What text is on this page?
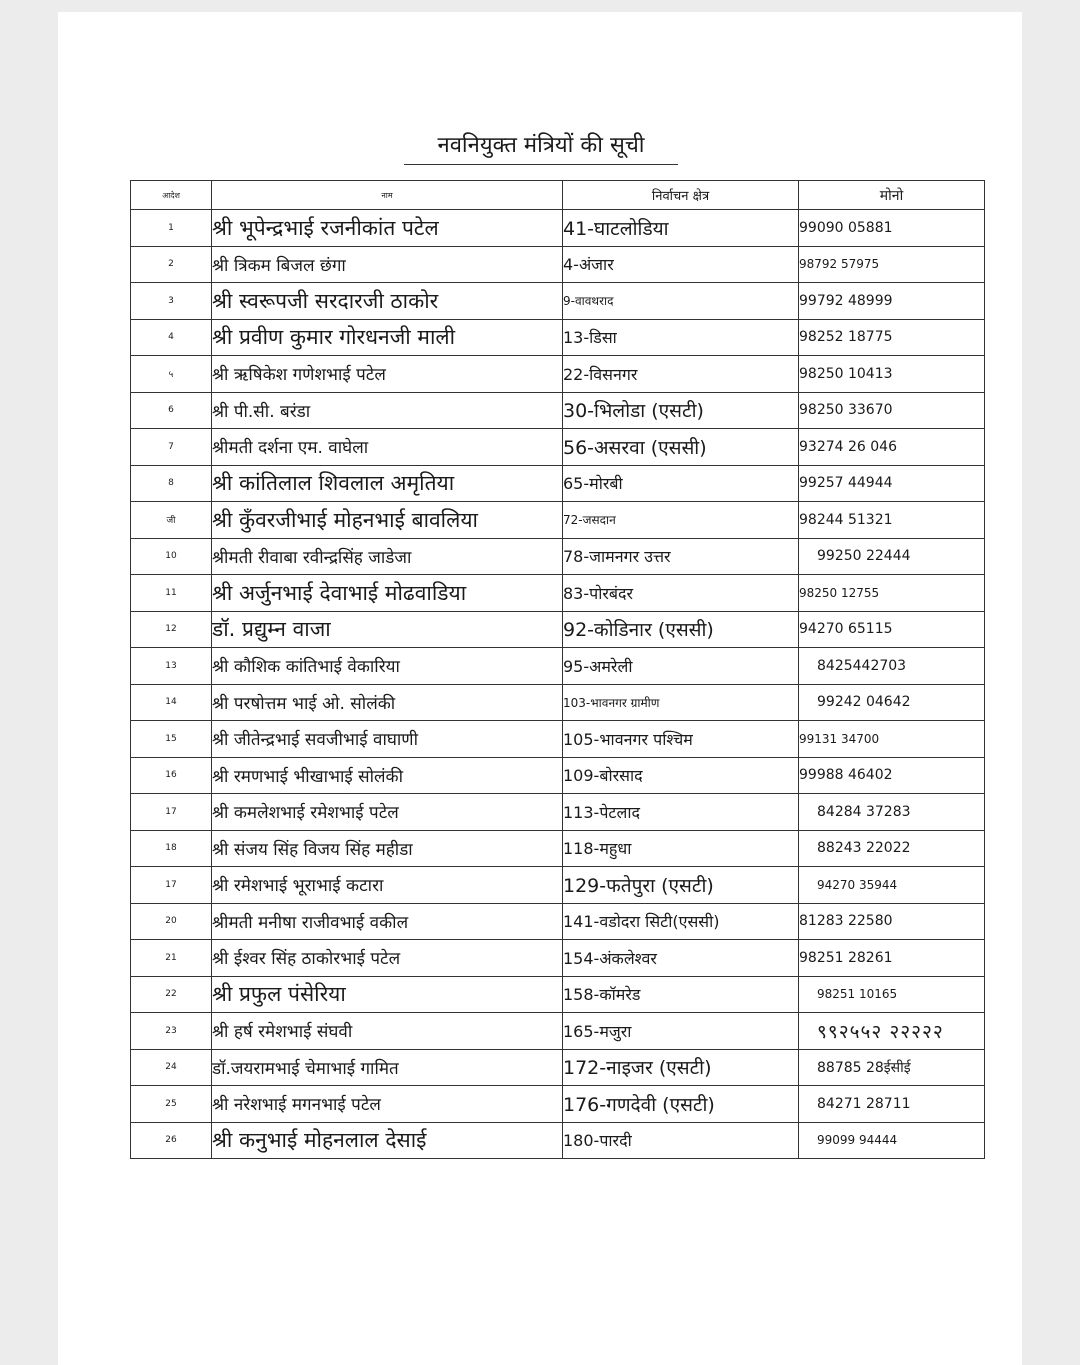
नवनियुक्त मंत्रियों की सूची
आदेश	नाम	निर्वाचन क्षेत्र	मोनो
1	श्री भूपेन्द्रभाई रजनीकांत पटेल	41-घाटलोडिया	99090 05881
2	श्री त्रिकम बिजल छंगा	4-अंजार	98792 57975
3	श्री स्वरूपजी सरदारजी ठाकोर	9-वावथराद	99792 48999
4	श्री प्रवीण कुमार गोरधनजी माली	13-डिसा	98252 18775
५	श्री ऋषिकेश गणेशभाई पटेल	22-विसनगर	98250 10413
6	श्री पी.सी. बरंडा	30-भिलोडा (एसटी)	98250 33670
7	श्रीमती दर्शना एम. वाघेला	56-असरवा (एससी)	93274 26 046
8	श्री कांतिलाल शिवलाल अमृतिया	65-मोरबी	99257 44944
जी	श्री कुँवरजीभाई मोहनभाई बावलिया	72-जसदान	98244 51321
10	श्रीमती रीवाबा रवीन्द्रसिंह जाडेजा	78-जामनगर उत्तर	99250 22444
11	श्री अर्जुनभाई देवाभाई मोढवाडिया	83-पोरबंदर	98250 12755
12	डॉ. प्रद्युम्न वाजा	92-कोडिनार (एससी)	94270 65115
13	श्री कौशिक कांतिभाई वेकारिया	95-अमरेली	8425442703
14	श्री परषोत्तम भाई ओ. सोलंकी	103-भावनगर ग्रामीण	99242 04642
15	श्री जीतेन्द्रभाई सवजीभाई वाघाणी	105-भावनगर पश्चिम	99131 34700
16	श्री रमणभाई भीखाभाई सोलंकी	109-बोरसाद	99988 46402
17	श्री कमलेशभाई रमेशभाई पटेल	113-पेटलाद	84284 37283
18	श्री संजय सिंह विजय सिंह महीडा	118-महुधा	88243 22022
17	श्री रमेशभाई भूराभाई कटारा	129-फतेपुरा (एसटी)	94270 35944
20	श्रीमती मनीषा राजीवभाई वकील	141-वडोदरा सिटी(एससी)	81283 22580
21	श्री ईश्वर सिंह ठाकोरभाई पटेल	154-अंकलेश्वर	98251 28261
22	श्री प्रफुल पंसेरिया	158-कॉमरेड	98251 10165
23	श्री हर्ष रमेशभाई संघवी	165-मजुरा	९९२५५२ २२२२२
24	डॉ.जयरामभाई चेमाभाई गामित	172-नाइजर (एसटी)	88785 28ईसीई
25	श्री नरेशभाई मगनभाई पटेल	176-गणदेवी (एसटी)	84271 28711
26	श्री कनुभाई मोहनलाल देसाई	180-पारदी	99099 94444
